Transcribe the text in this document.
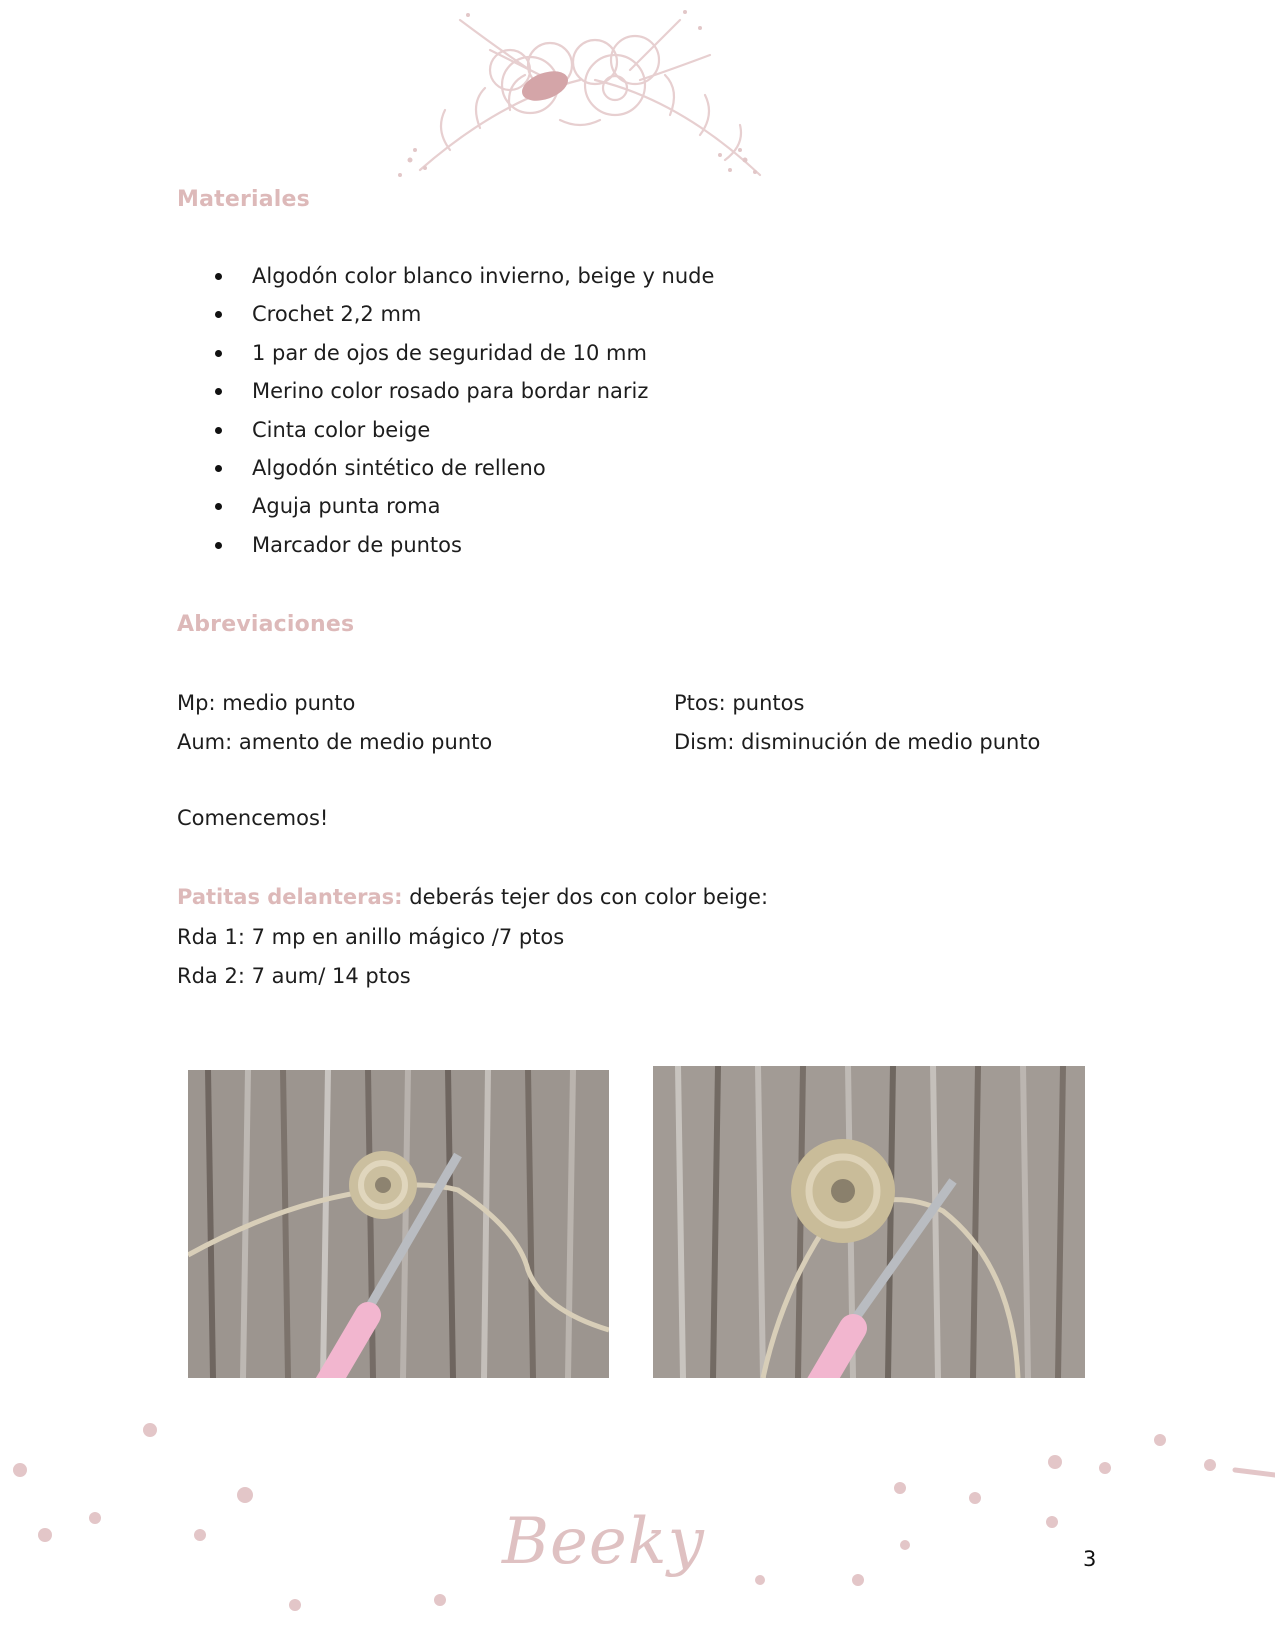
Materiales
Algodón color blanco invierno, beige y nude
Crochet 2,2 mm
1 par de ojos de seguridad de 10 mm
Merino color rosado para bordar nariz
Cinta color beige
Algodón sintético de relleno
Aguja punta roma
Marcador de puntos
Abreviaciones
Mp: medio punto
Aum: amento de medio punto
Ptos: puntos
Dism: disminución de medio punto
Comencemos!
Patitas delanteras: deberás tejer dos con color beige:
Rda 1: 7 mp en anillo mágico /7 ptos
Rda 2: 7 aum/ 14 ptos
Beeky	3
